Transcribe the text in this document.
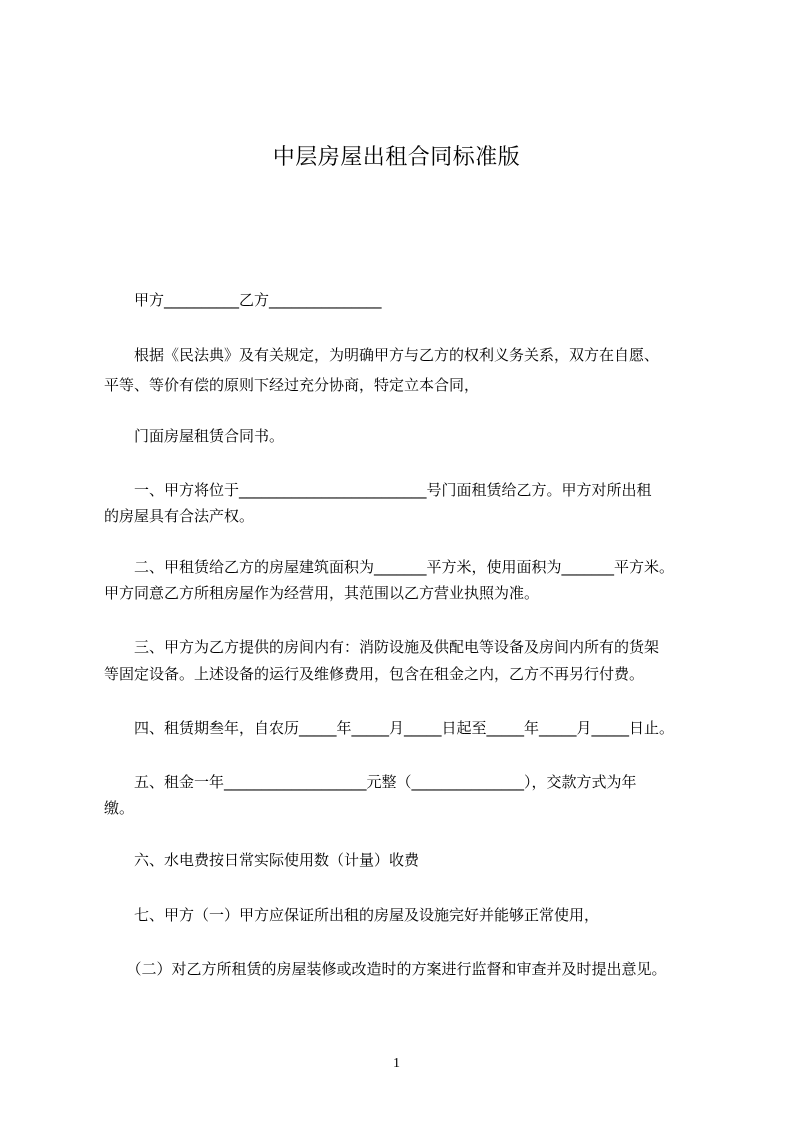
中层房屋出租合同标准版
　　甲方__________乙方_______________
　　根据《民法典》及有关规定，为明确甲方与乙方的权利义务关系，双方在自愿、
平等、等价有偿的原则下经过充分协商，特定立本合同，
　　门面房屋租赁合同书。
　　一、甲方将位于_________________________号门面租赁给乙方。甲方对所出租
的房屋具有合法产权。
　　二、甲租赁给乙方的房屋建筑面积为_______平方米，使用面积为_______平方米。
甲方同意乙方所租房屋作为经营用，其范围以乙方营业执照为准。
　　三、甲方为乙方提供的房间内有：消防设施及供配电等设备及房间内所有的货架
等固定设备。上述设备的运行及维修费用，包含在租金之内，乙方不再另行付费。
　　四、租赁期叁年，自农历_____年_____月_____日起至_____年_____月_____日止。
　　五、租金一年___________________元整（_______________），交款方式为年
缴。
　　六、水电费按日常实际使用数（计量）收费
　　七、甲方（一）甲方应保证所出租的房屋及设施完好并能够正常使用，
　　（二）对乙方所租赁的房屋装修或改造时的方案进行监督和审查并及时提出意见。
1
